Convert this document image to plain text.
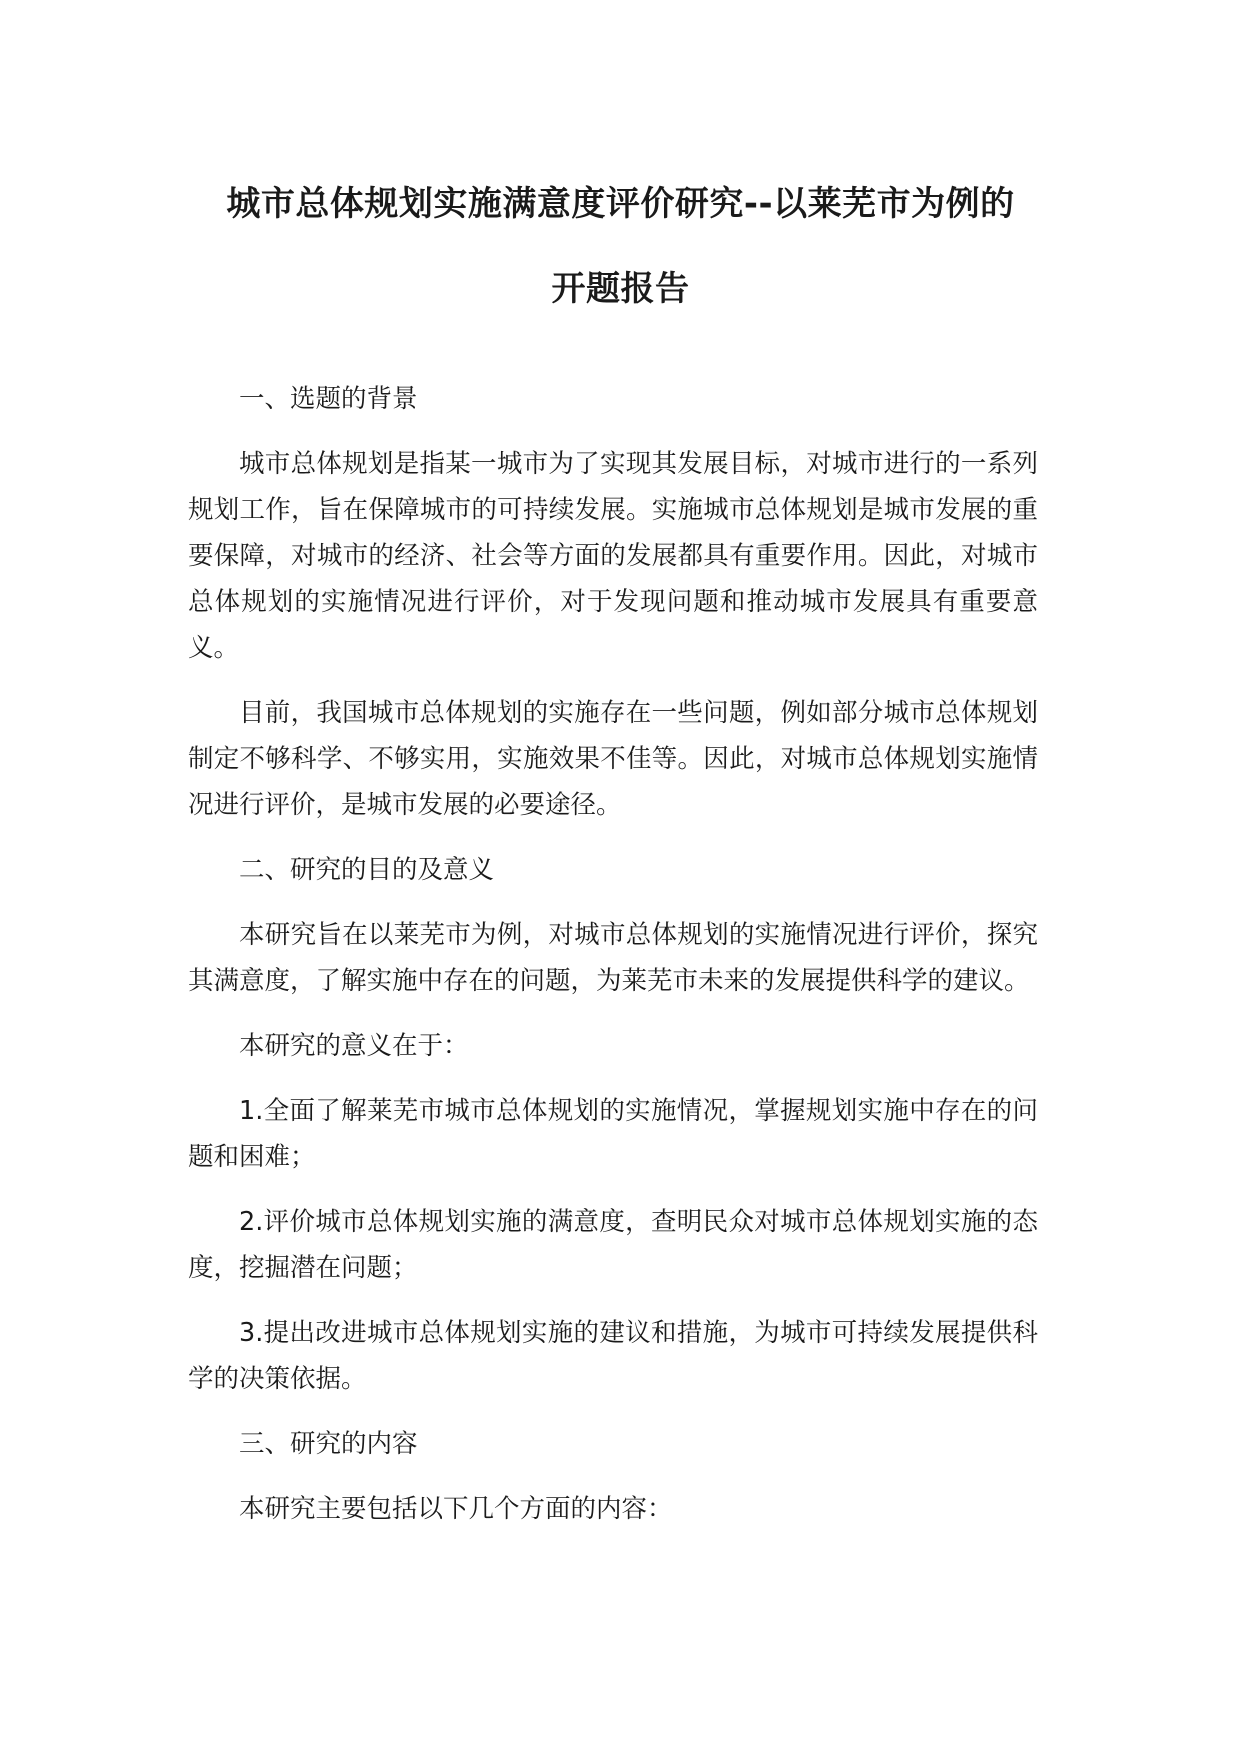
城市总体规划实施满意度评价研究--以莱芜市为例的
开题报告

一、选题的背景

城市总体规划是指某一城市为了实现其发展目标，对城市进行的一系列规划工作，旨在保障城市的可持续发展。实施城市总体规划是城市发展的重要保障，对城市的经济、社会等方面的发展都具有重要作用。因此，对城市总体规划的实施情况进行评价，对于发现问题和推动城市发展具有重要意义。

目前，我国城市总体规划的实施存在一些问题，例如部分城市总体规划制定不够科学、不够实用，实施效果不佳等。因此，对城市总体规划实施情况进行评价，是城市发展的必要途径。

二、研究的目的及意义

本研究旨在以莱芜市为例，对城市总体规划的实施情况进行评价，探究其满意度，了解实施中存在的问题，为莱芜市未来的发展提供科学的建议。

本研究的意义在于：

1.全面了解莱芜市城市总体规划的实施情况，掌握规划实施中存在的问题和困难；

2.评价城市总体规划实施的满意度，查明民众对城市总体规划实施的态度，挖掘潜在问题；

3.提出改进城市总体规划实施的建议和措施，为城市可持续发展提供科学的决策依据。

三、研究的内容

本研究主要包括以下几个方面的内容：
